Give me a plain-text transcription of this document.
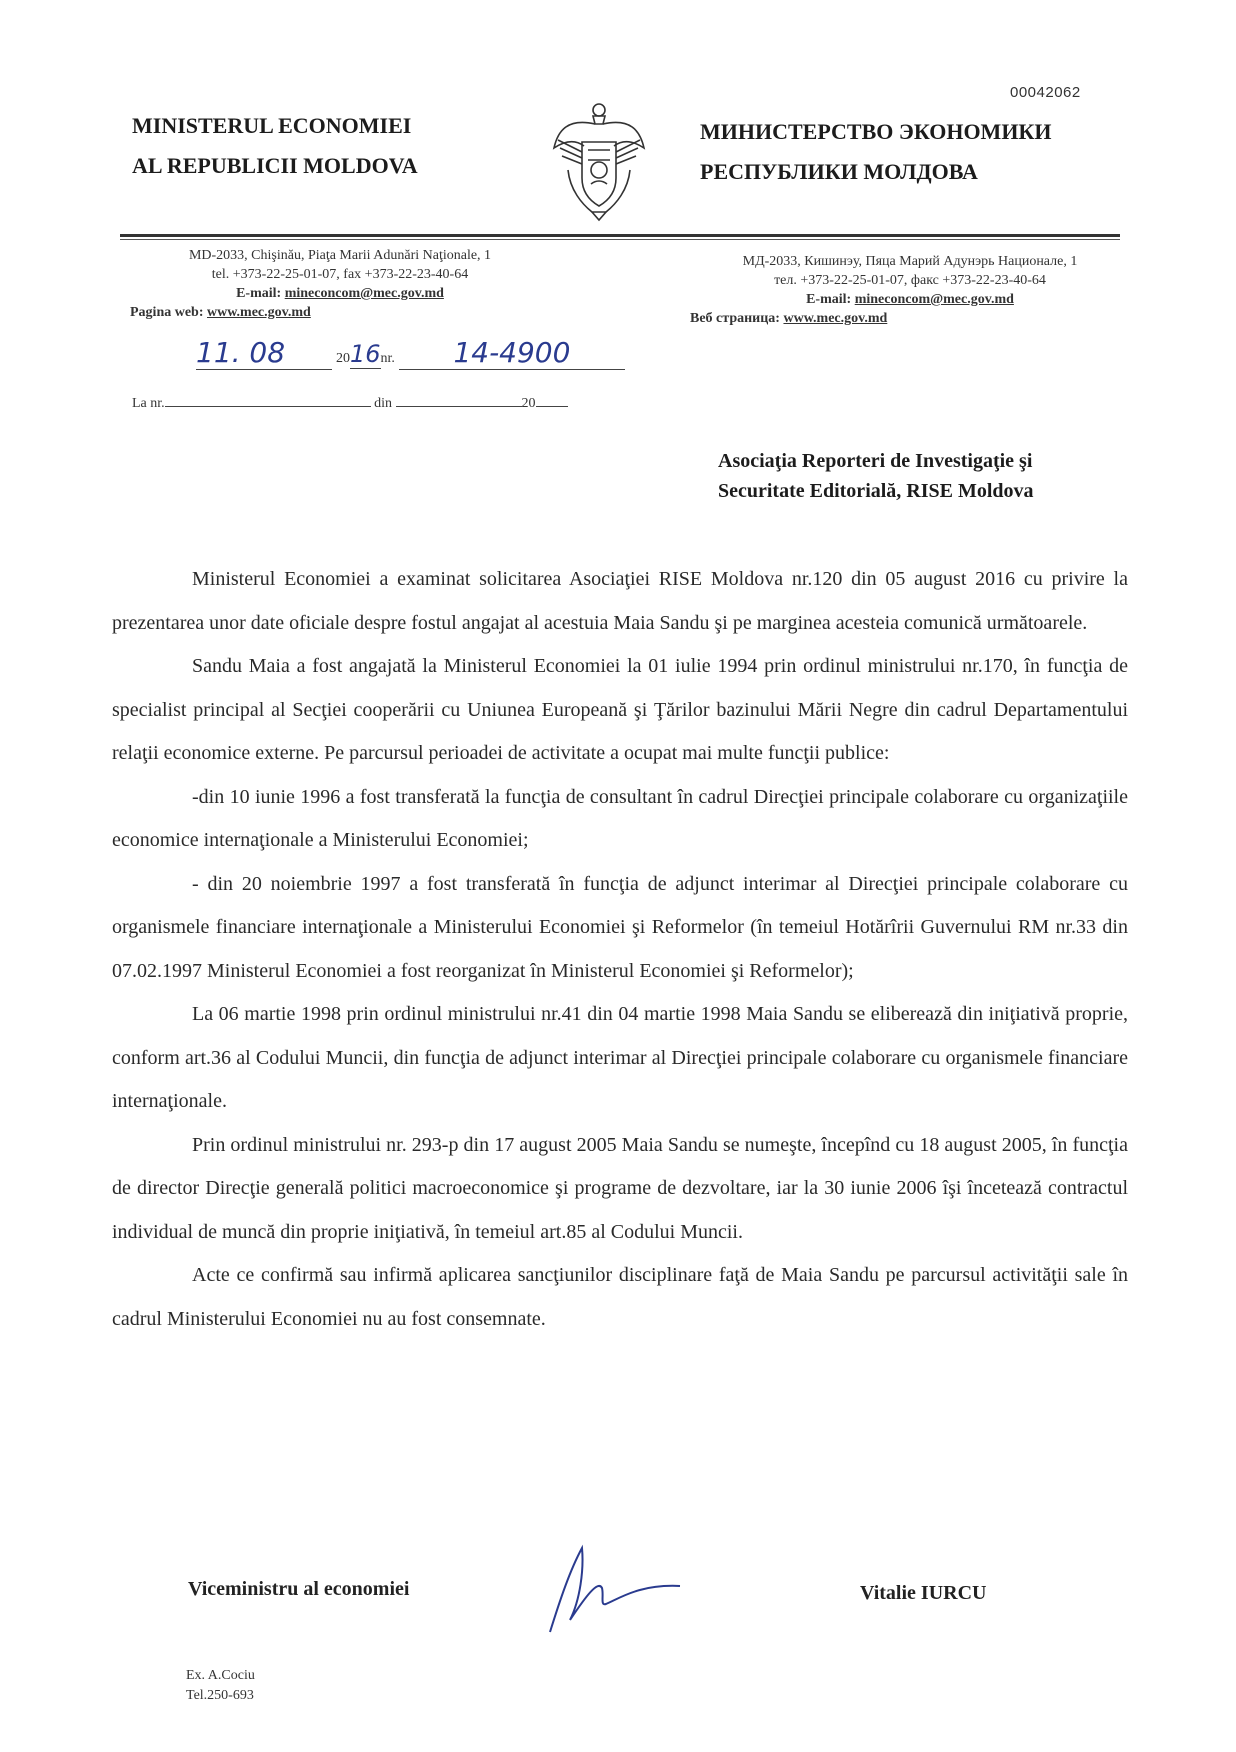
00042062
MINISTERUL ECONOMIEI
AL REPUBLICII MOLDOVA
МИНИСТЕРСТВО ЭКОНОМИКИ
РЕСПУБЛИКИ МОЛДОВА
MD-2033, Chişinău, Piaţa Marii Adunări Naţionale, 1
tel. +373-22-25-01-07, fax +373-22-23-40-64
E-mail: mineconcom@mec.gov.md
Pagina web: www.mec.gov.md
МД-2033, Кишинэу, Пяца Марий Адунэрь Национале, 1
тел. +373-22-25-01-07, факс +373-22-23-40-64
E-mail: mineconcom@mec.gov.md
Веб страница: www.mec.gov.md
11. 08	2016nr. 14-4900
La nr.	din	20
Asociaţia Reporteri de Investigaţie şi
Securitate Editorială, RISE Moldova

Ministerul Economiei a examinat solicitarea Asociaţiei RISE Moldova nr.120 din 05 august 2016 cu privire la prezentarea unor date oficiale despre fostul angajat al acestuia Maia Sandu şi pe marginea acesteia comunică următoarele.

Sandu Maia a fost angajată la Ministerul Economiei la 01 iulie 1994 prin ordinul ministrului nr.170, în funcţia de specialist principal al Secţiei cooperării cu Uniunea Europeană şi Ţărilor bazinului Mării Negre din cadrul Departamentului relaţii economice externe. Pe parcursul perioadei de activitate a ocupat mai multe funcţii publice:

-din 10 iunie 1996 a fost transferată la funcţia de consultant în cadrul Direcţiei principale colaborare cu organizaţiile economice internaţionale a Ministerului Economiei;

- din 20 noiembrie 1997 a fost transferată în funcţia de adjunct interimar al Direcţiei principale colaborare cu organismele financiare internaţionale a Ministerului Economiei şi Reformelor (în temeiul Hotărîrii Guvernului RM nr.33 din 07.02.1997 Ministerul Economiei a fost reorganizat în Ministerul Economiei şi Reformelor);

La 06 martie 1998 prin ordinul ministrului nr.41 din 04 martie 1998 Maia Sandu se eliberează din iniţiativă proprie, conform art.36 al Codului Muncii, din funcţia de adjunct interimar al Direcţiei principale colaborare cu organismele financiare internaţionale.

Prin ordinul ministrului nr. 293-p din 17 august 2005 Maia Sandu se numeşte, începînd cu 18 august 2005, în funcţia de director Direcţie generală politici macroeconomice şi programe de dezvoltare, iar la 30 iunie 2006 îşi încetează contractul individual de muncă din proprie iniţiativă, în temeiul art.85 al Codului Muncii.

Acte ce confirmă sau infirmă aplicarea sancţiunilor disciplinare faţă de Maia Sandu pe parcursul activităţii sale în cadrul Ministerului Economiei nu au fost consemnate.

Viceministru al economiei	Vitalie IURCU
Ex. A.Cociu
Tel.250-693
